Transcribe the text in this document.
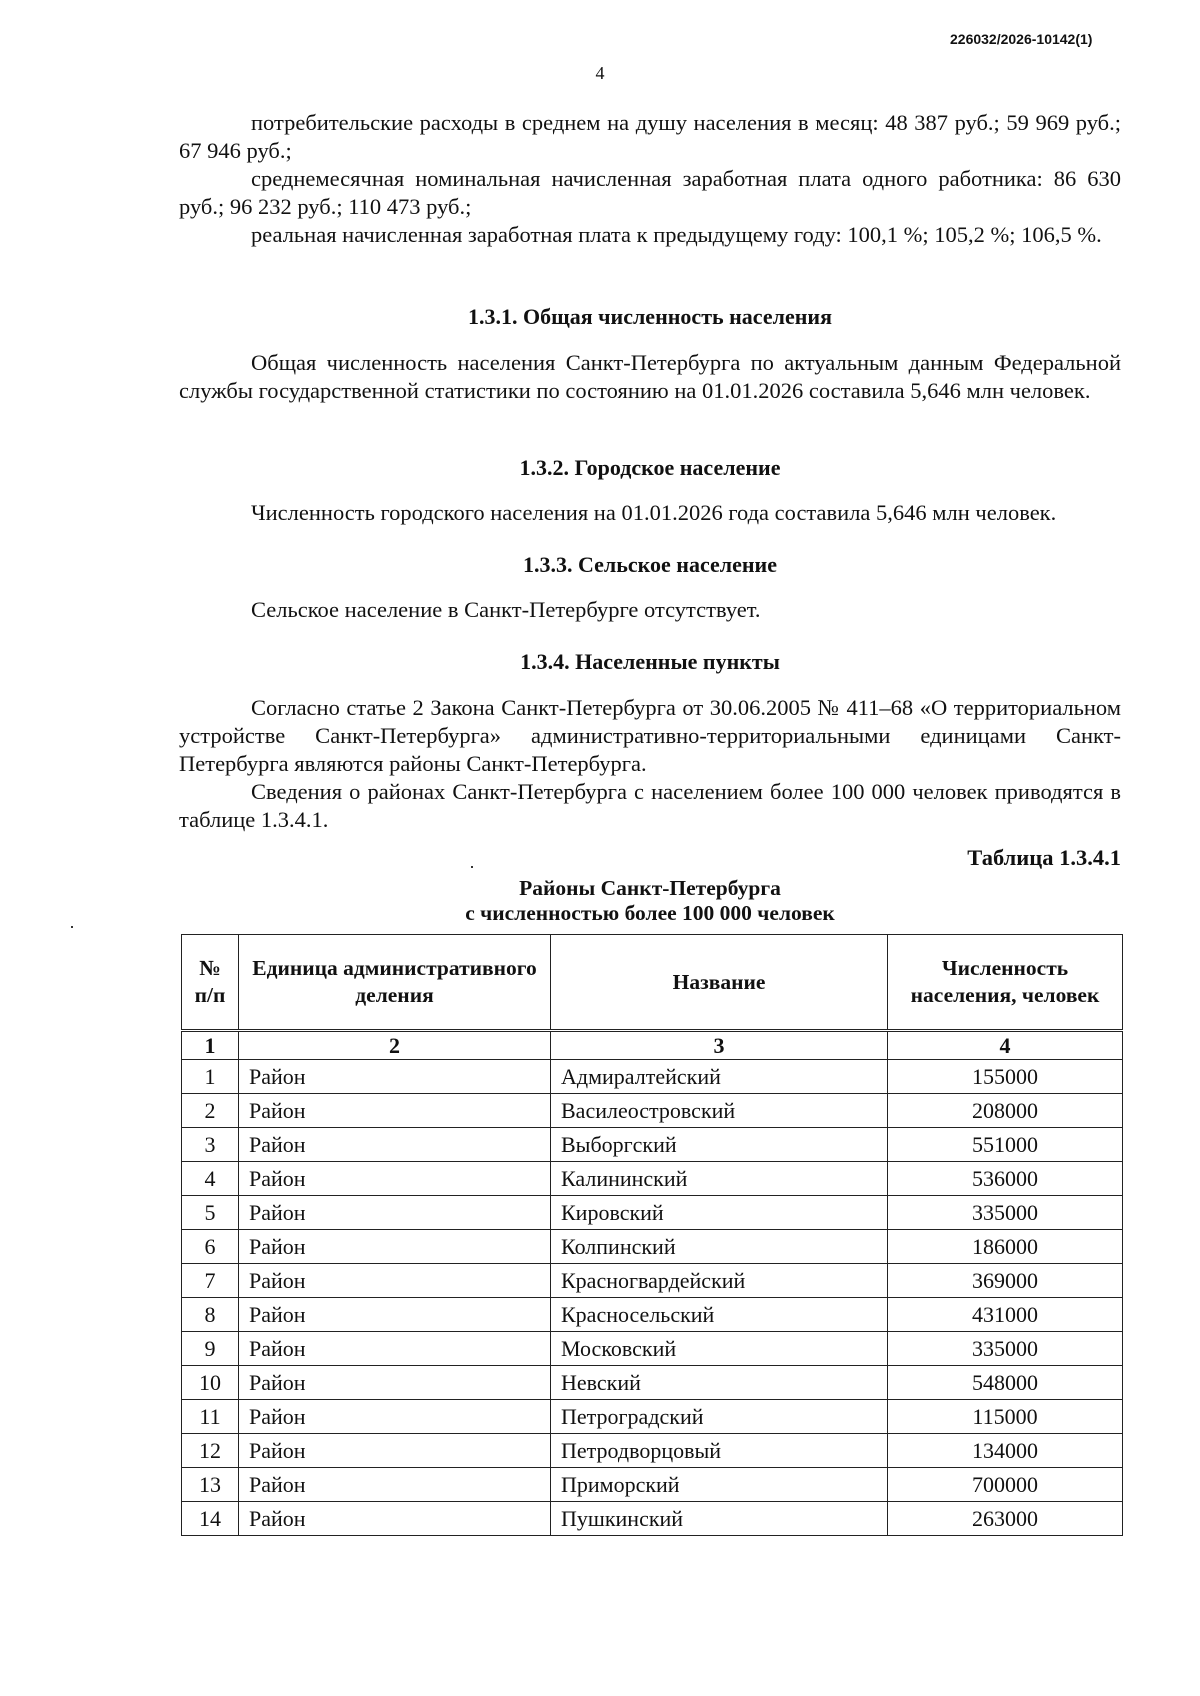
226032/2026-10142(1)
4

потребительские расходы в среднем на душу населения в месяц: 48 387 руб.; 59 969 руб.; 67 946 руб.;

среднемесячная номинальная начисленная заработная плата одного работника: 86 630 руб.; 96 232 руб.; 110 473 руб.;

реальная начисленная заработная плата к предыдущему году: 100,1 %; 105,2 %; 106,5 %.

1.3.1. Общая численность населения

Общая численность населения Санкт-Петербурга по актуальным данным Федеральной службы государственной статистики по состоянию на 01.01.2026 составила 5,646 млн человек.

1.3.2. Городское население

Численность городского населения на 01.01.2026 года составила 5,646 млн человек.

1.3.3. Сельское население

Сельское население в Санкт-Петербурге отсутствует.

1.3.4. Населенные пункты

Согласно статье 2 Закона Санкт-Петербурга от 30.06.2005 № 411–68 «О территориальном устройстве Санкт-Петербурга» административно-территориальными единицами Санкт-Петербурга являются районы Санкт-Петербурга.

Сведения о районах Санкт-Петербурга с населением более 100 000 человек приводятся в таблице 1.3.4.1.

Таблица 1.3.4.1
Районы Санкт-Петербурга
с численностью более 100 000 человек
№ п/п	Единица административного деления	Название	Численность населения, человек
1	2	3	4
1	Район	Адмиралтейский	155000
2	Район	Василеостровский	208000
3	Район	Выборгский	551000
4	Район	Калининский	536000
5	Район	Кировский	335000
6	Район	Колпинский	186000
7	Район	Красногвардейский	369000
8	Район	Красносельский	431000
9	Район	Московский	335000
10	Район	Невский	548000
11	Район	Петроградский	115000
12	Район	Петродворцовый	134000
13	Район	Приморский	700000
14	Район	Пушкинский	263000
